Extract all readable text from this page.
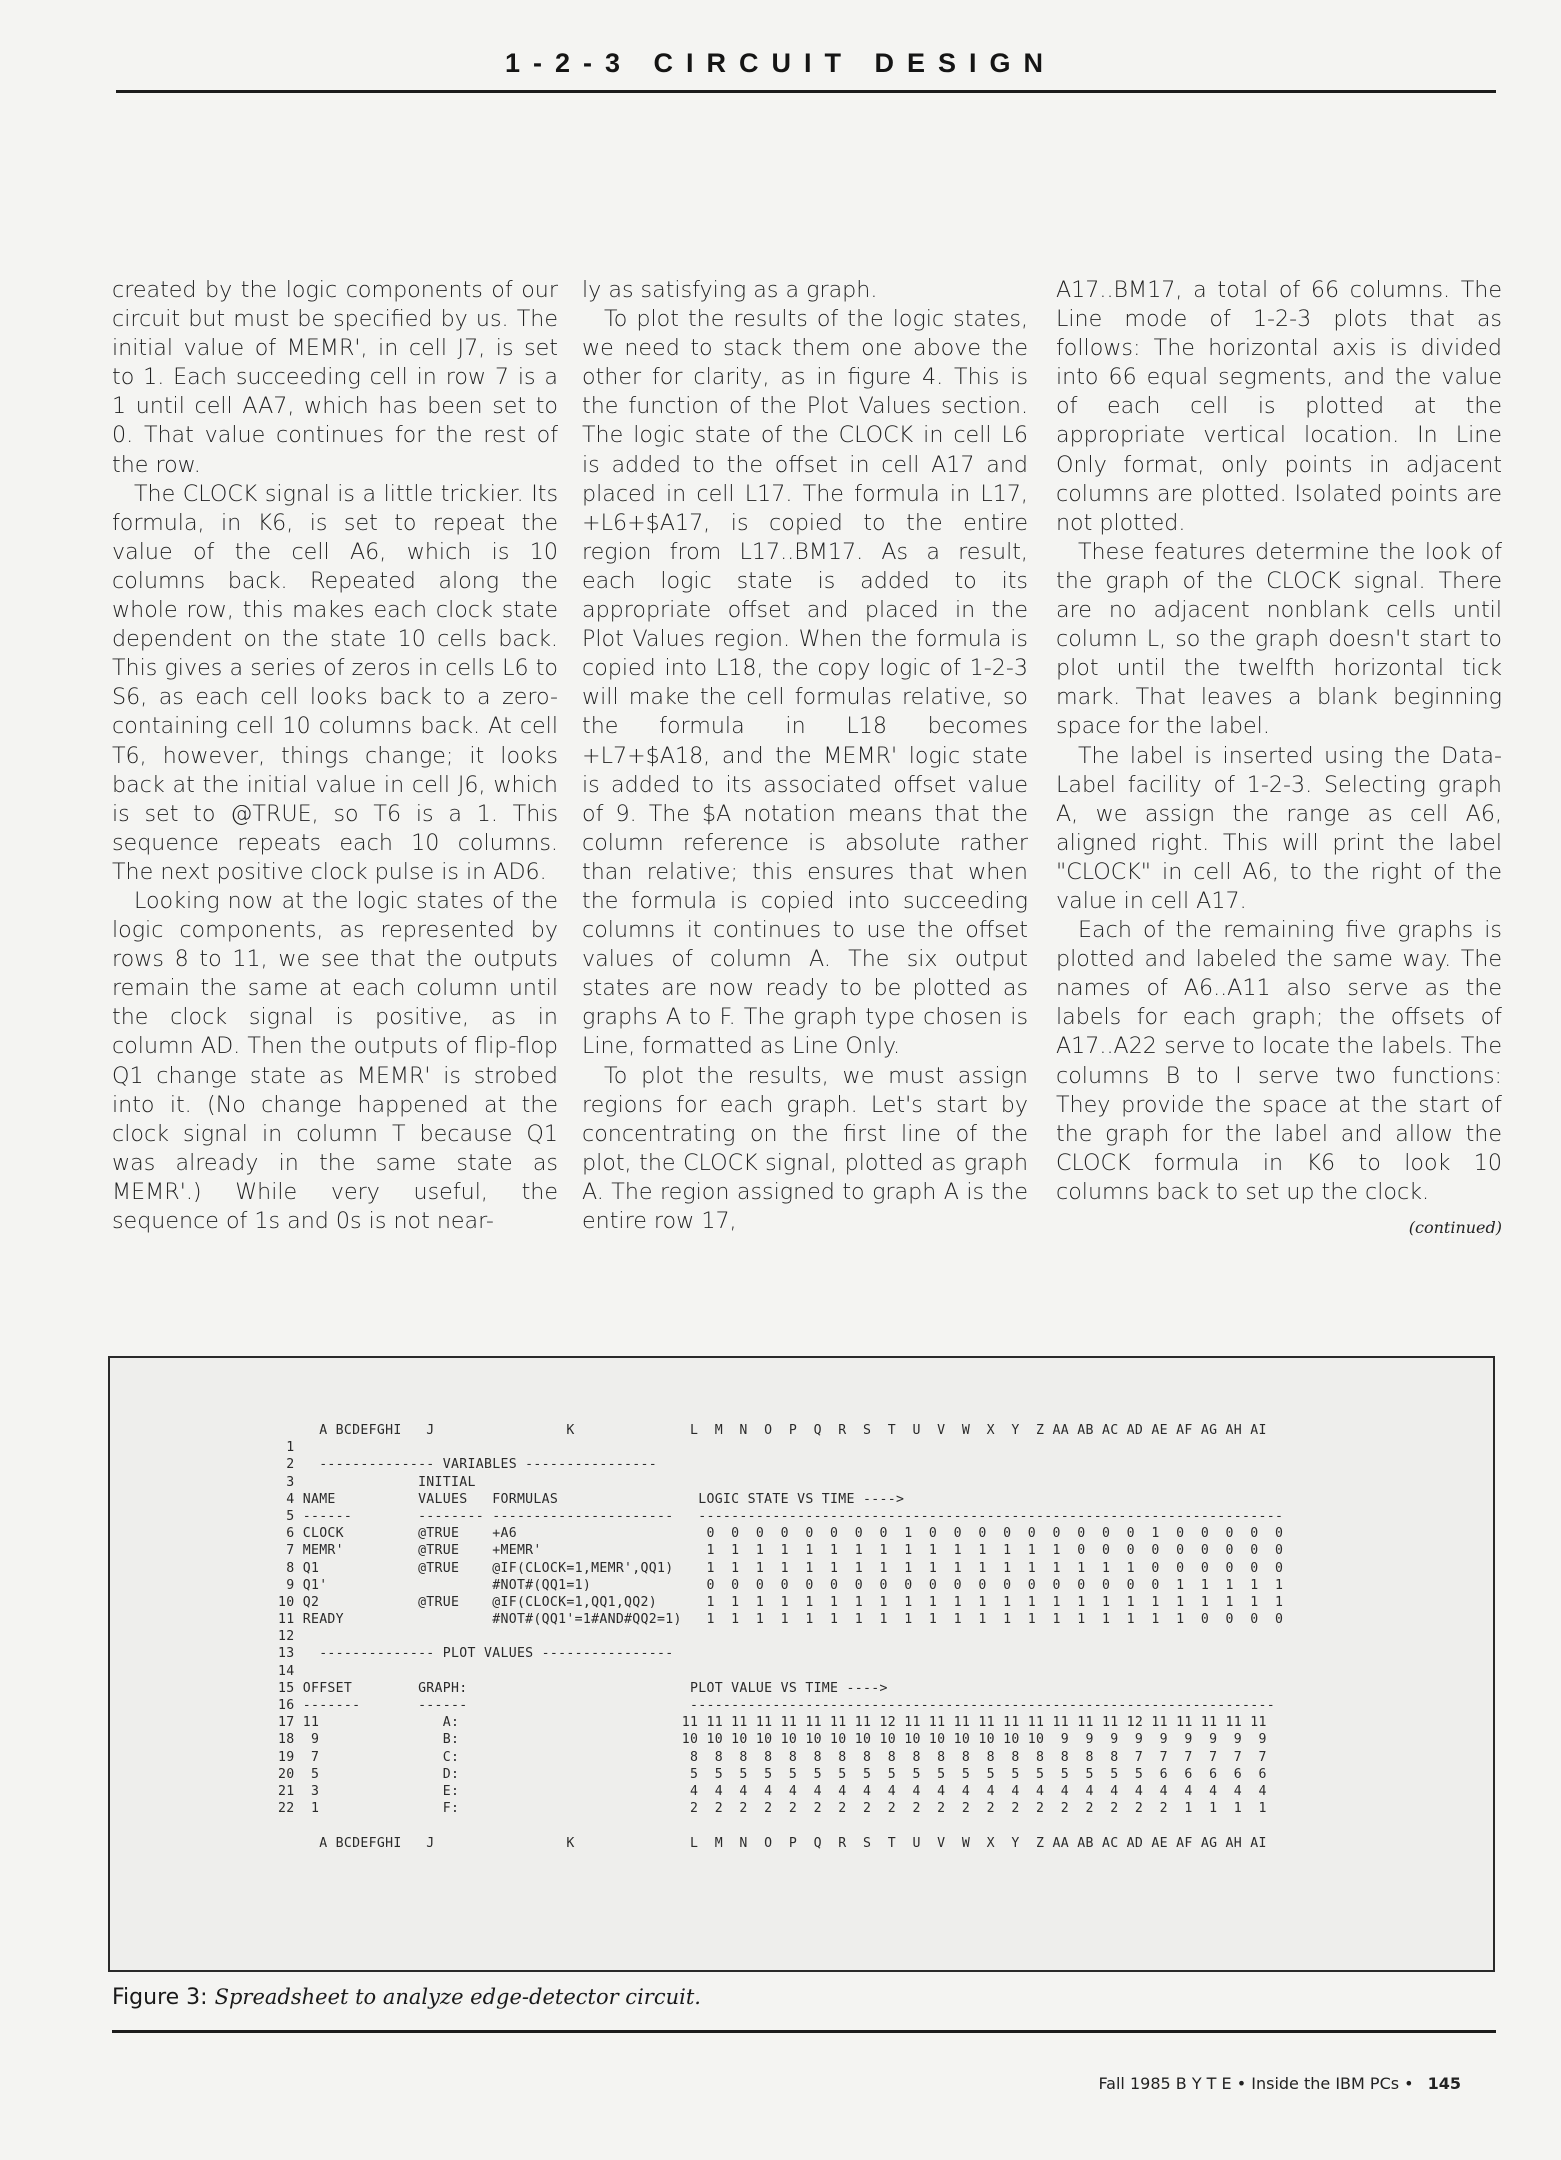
1-2-3 CIRCUIT DESIGN

created by the logic components of our circuit but must be specified by us. The initial value of MEMR', in cell J7, is set to 1. Each succeeding cell in row 7 is a 1 until cell AA7, which has been set to 0. That value continues for the rest of the row.

The CLOCK signal is a little trickier. Its formula, in K6, is set to repeat the value of the cell A6, which is 10 columns back. Repeated along the whole row, this makes each clock state dependent on the state 10 cells back. This gives a series of zeros in cells L6 to S6, as each cell looks back to a zero-containing cell 10 columns back. At cell T6, however, things change; it looks back at the initial value in cell J6, which is set to @TRUE, so T6 is a 1. This sequence repeats each 10 columns. The next positive clock pulse is in AD6.

Looking now at the logic states of the logic components, as represented by rows 8 to 11, we see that the outputs remain the same at each column until the clock signal is positive, as in column AD. Then the outputs of flip-flop Q1 change state as MEMR' is strobed into it. (No change happened at the clock signal in column T because Q1 was already in the same state as MEMR'.) While very useful, the sequence of 1s and 0s is not near-

ly as satisfying as a graph.

To plot the results of the logic states, we need to stack them one above the other for clarity, as in figure 4. This is the function of the Plot Values section. The logic state of the CLOCK in cell L6 is added to the offset in cell A17 and placed in cell L17. The formula in L17, +L6+$A17, is copied to the entire region from L17..BM17. As a result, each logic state is added to its appropriate offset and placed in the Plot Values region. When the formula is copied into L18, the copy logic of 1-2-3 will make the cell formulas relative, so the formula in L18 becomes +L7+$A18, and the MEMR' logic state is added to its associated offset value of 9. The $A notation means that the column reference is absolute rather than relative; this ensures that when the formula is copied into succeeding columns it continues to use the offset values of column A. The six output states are now ready to be plotted as graphs A to F. The graph type chosen is Line, formatted as Line Only.

To plot the results, we must assign regions for each graph. Let's start by concentrating on the first line of the plot, the CLOCK signal, plotted as graph A. The region assigned to graph A is the entire row 17,

A17..BM17, a total of 66 columns. The Line mode of 1-2-3 plots that as follows: The horizontal axis is divided into 66 equal segments, and the value of each cell is plotted at the appropriate vertical location. In Line Only format, only points in adjacent columns are plotted. Isolated points are not plotted.

These features determine the look of the graph of the CLOCK signal. There are no adjacent nonblank cells until column L, so the graph doesn't start to plot until the twelfth horizontal tick mark. That leaves a blank beginning space for the label.

The label is inserted using the Data-Label facility of 1-2-3. Selecting graph A, we assign the range as cell A6, aligned right. This will print the label "CLOCK" in cell A6, to the right of the value in cell A17.

Each of the remaining five graphs is plotted and labeled the same way. The names of A6..A11 also serve as the labels for each graph; the offsets of A17..A22 serve to locate the labels. The columns B to I serve two functions: They provide the space at the start of the graph for the label and allow the CLOCK formula in K6 to look 10 columns back to set up the clock.

(continued)
A BCDEFGHI   J                K              L  M  N  O  P  Q  R  S  T  U  V  W  X  Y  Z AA AB AC AD AE AF AG AH AI
1
2   -------------- VARIABLES ----------------
3               INITIAL
4 NAME          VALUES   FORMULAS                 LOGIC STATE VS TIME ---->
5 ------        -------- ----------------------   -----------------------------------------------------------------------
6 CLOCK         @TRUE    +A6                       0  0  0  0  0  0  0  0  1  0  0  0  0  0  0  0  0  0  1  0  0  0  0  0
7 MEMR'         @TRUE    +MEMR'                    1  1  1  1  1  1  1  1  1  1  1  1  1  1  1  0  0  0  0  0  0  0  0  0
8 Q1            @TRUE    @IF(CLOCK=1,MEMR',QQ1)    1  1  1  1  1  1  1  1  1  1  1  1  1  1  1  1  1  1  0  0  0  0  0  0
9 Q1'                    #NOT#(QQ1=1)              0  0  0  0  0  0  0  0  0  0  0  0  0  0  0  0  0  0  0  1  1  1  1  1
10 Q2            @TRUE    @IF(CLOCK=1,QQ1,QQ2)      1  1  1  1  1  1  1  1  1  1  1  1  1  1  1  1  1  1  1  1  1  1  1  1
11 READY                  #NOT#(QQ1'=1#AND#QQ2=1)   1  1  1  1  1  1  1  1  1  1  1  1  1  1  1  1  1  1  1  1  0  0  0  0
12
13   -------------- PLOT VALUES ----------------
14
15 OFFSET        GRAPH:                           PLOT VALUE VS TIME ---->
16 -------       ------                           -----------------------------------------------------------------------
17 11               A:                           11 11 11 11 11 11 11 11 12 11 11 11 11 11 11 11 11 11 12 11 11 11 11 11
18  9               B:                           10 10 10 10 10 10 10 10 10 10 10 10 10 10 10  9  9  9  9  9  9  9  9  9
19  7               C:                            8  8  8  8  8  8  8  8  8  8  8  8  8  8  8  8  8  8  7  7  7  7  7  7
20  5               D:                            5  5  5  5  5  5  5  5  5  5  5  5  5  5  5  5  5  5  5  6  6  6  6  6
21  3               E:                            4  4  4  4  4  4  4  4  4  4  4  4  4  4  4  4  4  4  4  4  4  4  4  4
22  1               F:                            2  2  2  2  2  2  2  2  2  2  2  2  2  2  2  2  2  2  2  2  1  1  1  1
A BCDEFGHI   J                K              L  M  N  O  P  Q  R  S  T  U  V  W  X  Y  Z AA AB AC AD AE AF AG AH AI
Figure 3: Spreadsheet to analyze edge-detector circuit.
Fall 1985 B Y T E • Inside the IBM PCs • 145
